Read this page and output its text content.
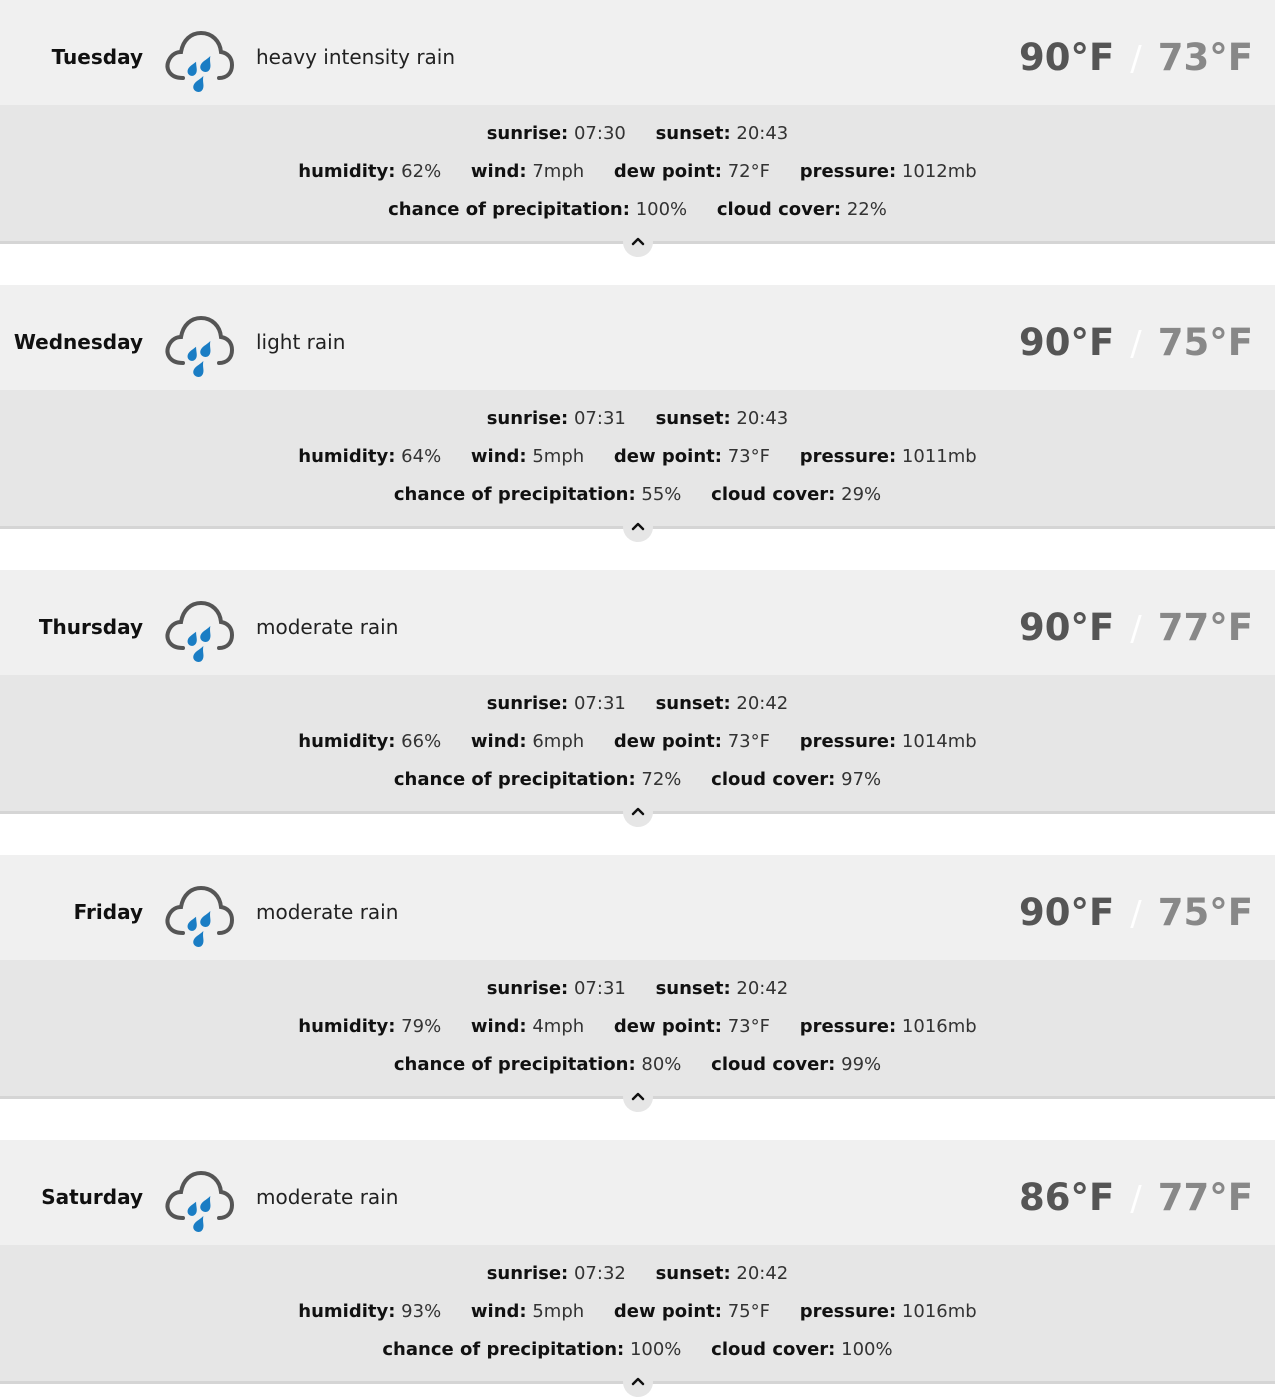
Tuesday	heavy intensity rain	90°F / 73°F
sunrise: 07:30 sunset: 20:43
humidity: 62% wind: 7mph dew point: 72°F pressure: 1012mb
chance of precipitation: 100% cloud cover: 22%
Wednesday	light rain	90°F / 75°F
sunrise: 07:31 sunset: 20:43
humidity: 64% wind: 5mph dew point: 73°F pressure: 1011mb
chance of precipitation: 55% cloud cover: 29%
Thursday	moderate rain	90°F / 77°F
sunrise: 07:31 sunset: 20:42
humidity: 66% wind: 6mph dew point: 73°F pressure: 1014mb
chance of precipitation: 72% cloud cover: 97%
Friday	moderate rain	90°F / 75°F
sunrise: 07:31 sunset: 20:42
humidity: 79% wind: 4mph dew point: 73°F pressure: 1016mb
chance of precipitation: 80% cloud cover: 99%
Saturday	moderate rain	86°F / 77°F
sunrise: 07:32 sunset: 20:42
humidity: 93% wind: 5mph dew point: 75°F pressure: 1016mb
chance of precipitation: 100% cloud cover: 100%
